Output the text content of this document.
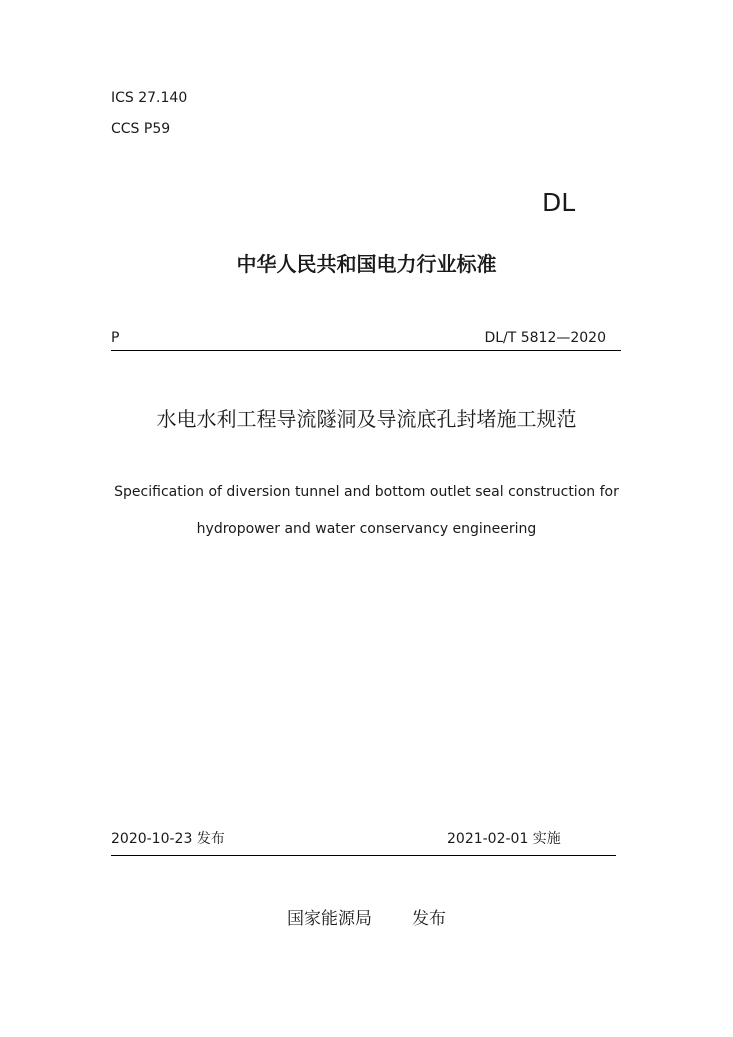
ICS 27.140
CCS P59
DL
中华人民共和国电力行业标准
P	DL/T 5812—2020
水电水利工程导流隧洞及导流底孔封堵施工规范
Specification of diversion tunnel and bottom outlet seal construction for
hydropower and water conservancy engineering
2020-10-23 发布	2021-02-01 实施
国家能源局 发布
